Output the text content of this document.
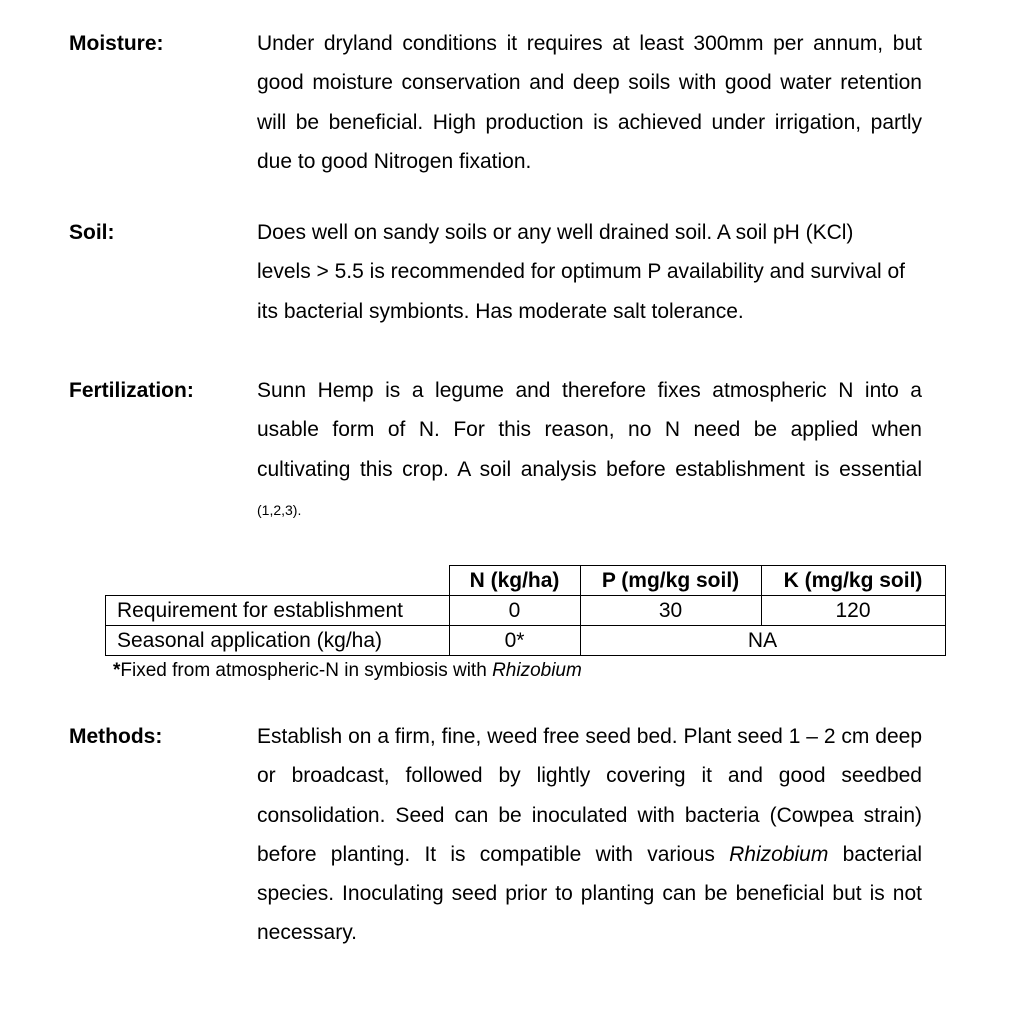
Moisture:	Under dryland conditions it requires at least 300mm per annum, but good moisture conservation and deep soils with good water retention will be beneficial. High production is achieved under irrigation, partly due to good Nitrogen fixation.
Soil:	Does well on sandy soils or any well drained soil. A soil pH (KCl)
levels > 5.5 is recommended for optimum P availability and survival of
its bacterial symbionts. Has moderate salt tolerance.
Fertilization:	Sunn Hemp is a legume and therefore fixes atmospheric N into a usable form of N. For this reason, no N need be applied when cultivating this crop. A soil analysis before establishment is essential (1,2,3).
	N (kg/ha)	P (mg/kg soil)	K (mg/kg soil)
Requirement for establishment	0	30	120
Seasonal application (kg/ha)	0*	NA	
*Fixed from atmospheric-N in symbiosis with Rhizobium
Methods:	Establish on a firm, fine, weed free seed bed. Plant seed 1 – 2 cm deep or broadcast, followed by lightly covering it and good seedbed consolidation. Seed can be inoculated with bacteria (Cowpea strain) before planting. It is compatible with various Rhizobium bacterial species. Inoculating seed prior to planting can be beneficial but is not necessary.
